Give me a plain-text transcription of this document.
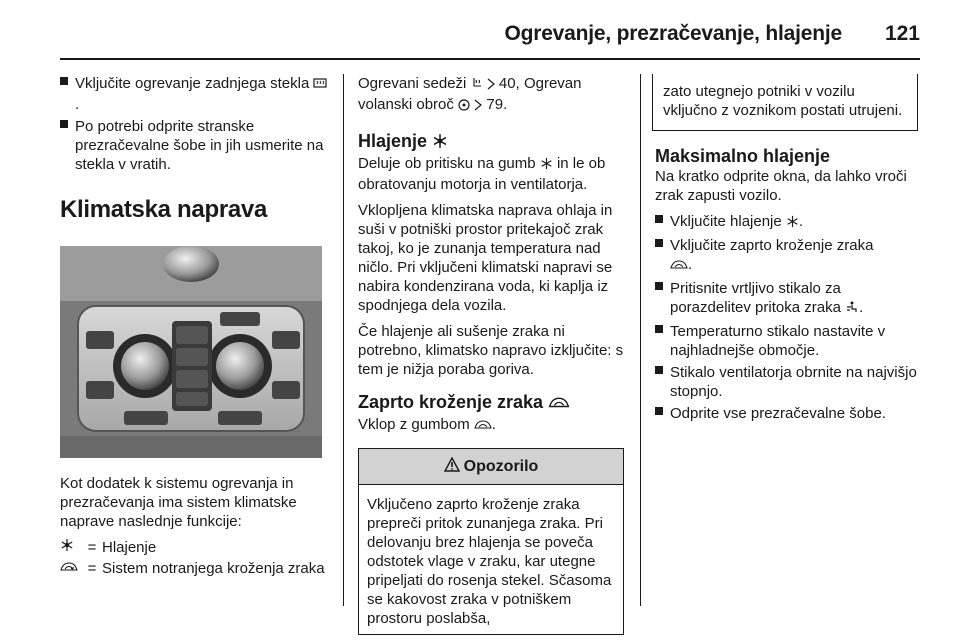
Ogrevanje, prezračevanje, hlajenje 121
Vključite ogrevanje zadnjega stekla .
Po potrebi odprite stranske prezračevalne šobe in jih usmerite na stekla v vratih.
Klimatska naprava
Kot dodatek k sistemu ogrevanja in prezračevanja ima sistem klimatske naprave naslednje funkcije:
= Hlajenje
= Sistem notranjega kroženja zraka
Ogrevani sedeži 40, Ogrevan
volanski obroč 79.
Hlajenje
Deluje ob pritisku na gumb in le ob obratovanju motorja in ventilatorja.
Vklopljena klimatska naprava ohlaja in suši v potniški prostor pritekajoč zrak takoj, ko je zunanja temperatura nad ničlo. Pri vključeni klimatski napravi se nabira kondenzirana voda, ki kaplja iz spodnjega dela vozila.
Če hlajenje ali sušenje zraka ni potrebno, klimatsko napravo izključite: s tem je nižja poraba goriva.
Zaprto kroženje zraka
Vklop z gumbom .
Opozorilo
Vključeno zaprto kroženje zraka prepreči pritok zunanjega zraka. Pri delovanju brez hlajenja se poveča odstotek vlage v zraku, kar utegne pripeljati do rosenja stekel. Sčasoma se kakovost zraka v potniškem prostoru poslabša,
zato utegnejo potniki v vozilu vključno z voznikom postati utrujeni.
Maksimalno hlajenje
Na kratko odprite okna, da lahko vroči zrak zapusti vozilo.
Vključite hlajenje .
Vključite zaprto kroženje zraka
.
Pritisnite vrtljivo stikalo za porazdelitev pritoka zraka .
Temperaturno stikalo nastavite v najhladnejše območje.
Stikalo ventilatorja obrnite na najvišjo stopnjo.
Odprite vse prezračevalne šobe.
